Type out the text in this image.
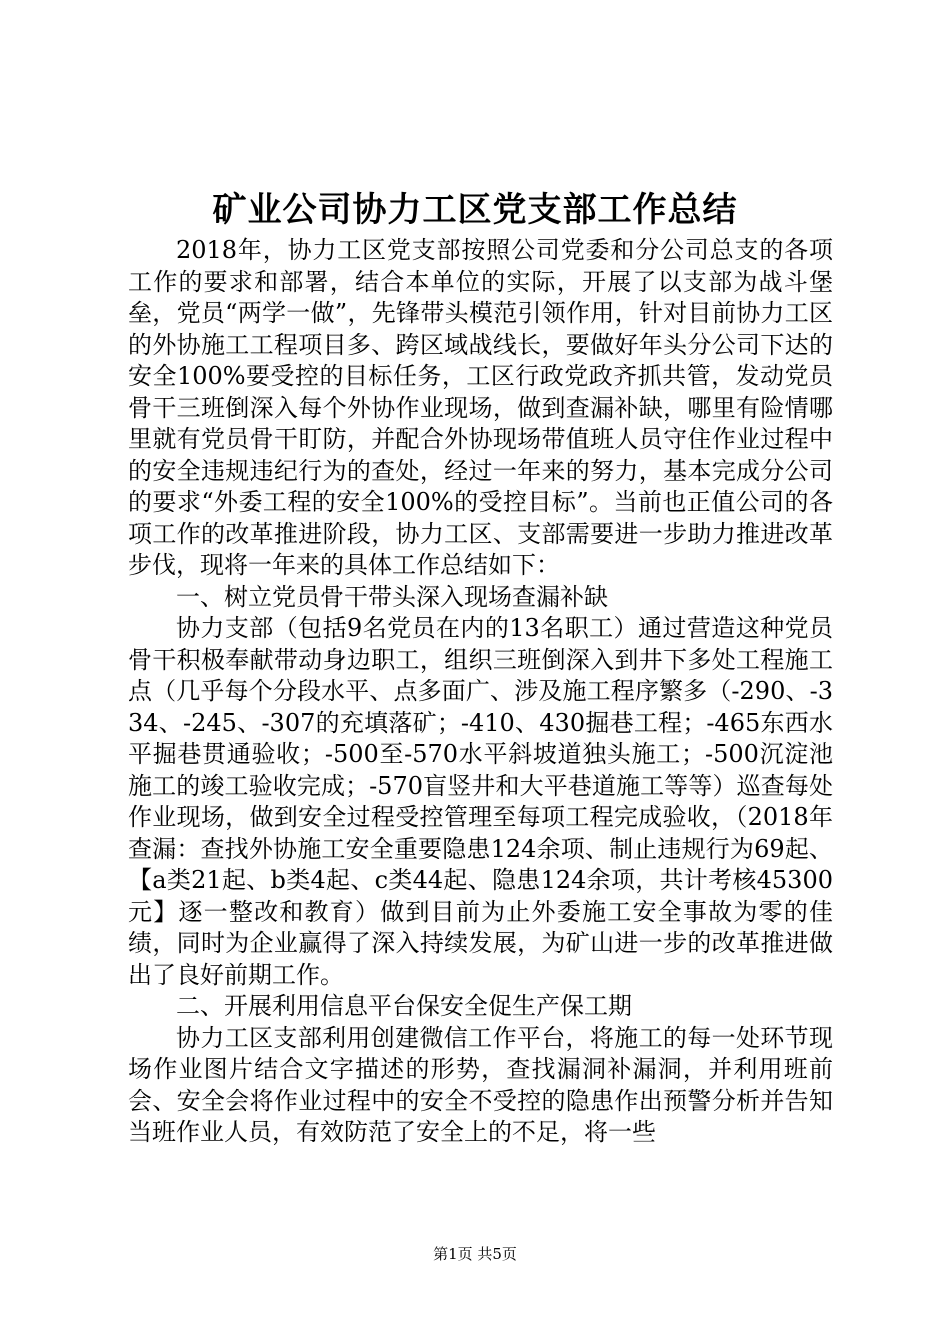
矿业公司协力工区党支部工作总结

2018年，协力工区党支部按照公司党委和分公司总支的各项工作的要求和部署，结合本单位的实际，开展了以支部为战斗堡垒，党员“两学一做”，先锋带头模范引领作用，针对目前协力工区的外协施工工程项目多、跨区域战线长，要做好年头分公司下达的安全100%要受控的目标任务，工区行政党政齐抓共管，发动党员骨干三班倒深入每个外协作业现场，做到查漏补缺，哪里有险情哪里就有党员骨干盯防，并配合外协现场带值班人员守住作业过程中的安全违规违纪行为的查处，经过一年来的努力，基本完成分公司的要求“外委工程的安全100%的受控目标”。当前也正值公司的各项工作的改革推进阶段，协力工区、支部需要进一步助力推进改革步伐，现将一年来的具体工作总结如下：

一、树立党员骨干带头深入现场查漏补缺

协力支部（包括9名党员在内的13名职工）通过营造这种党员骨干积极奉献带动身边职工，组织三班倒深入到井下多处工程施工点（几乎每个分段水平、点多面广、涉及施工程序繁多（-290、-334、-245、-307的充填落矿；-410、430掘巷工程；-465东西水平掘巷贯通验收；-500至-570水平斜坡道独头施工；-500沉淀池施工的竣工验收完成；-570盲竖井和大平巷道施工等等）巡查每处作业现场，做到安全过程受控管理至每项工程完成验收，（2018年查漏：查找外协施工安全重要隐患124余项、制止违规行为69起、【a类21起、b类4起、c类44起、隐患124余项，共计考核45300元】逐一整改和教育）做到目前为止外委施工安全事故为零的佳绩，同时为企业赢得了深入持续发展，为矿山进一步的改革推进做出了良好前期工作。

二、开展利用信息平台保安全促生产保工期

协力工区支部利用创建微信工作平台，将施工的每一处环节现场作业图片结合文字描述的形势，查找漏洞补漏洞，并利用班前会、安全会将作业过程中的安全不受控的隐患作出预警分析并告知当班作业人员，有效防范了安全上的不足，将一些

第1页 共5页
